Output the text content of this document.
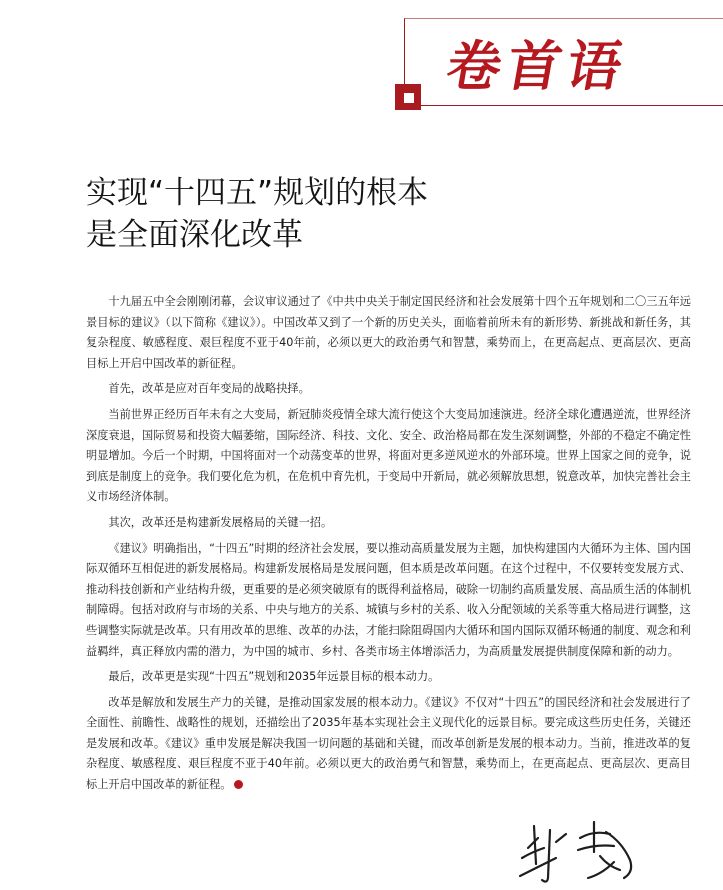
卷首语
实现“十四五”规划的根本
是全面深化改革

十九届五中全会刚刚闭幕，会议审议通过了《中共中央关于制定国民经济和社会发展第十四个五年规划和二〇三五年远景目标的建议》（以下简称《建议》）。中国改革又到了一个新的历史关头，面临着前所未有的新形势、新挑战和新任务，其复杂程度、敏感程度、艰巨程度不亚于40年前，必须以更大的政治勇气和智慧，乘势而上，在更高起点、更高层次、更高目标上开启中国改革的新征程。

首先，改革是应对百年变局的战略抉择。

当前世界正经历百年未有之大变局，新冠肺炎疫情全球大流行使这个大变局加速演进。经济全球化遭遇逆流，世界经济深度衰退，国际贸易和投资大幅萎缩，国际经济、科技、文化、安全、政治格局都在发生深刻调整，外部的不稳定不确定性明显增加。今后一个时期，中国将面对一个动荡变革的世界，将面对更多逆风逆水的外部环境。世界上国家之间的竞争，说到底是制度上的竞争。我们要化危为机，在危机中育先机，于变局中开新局，就必须解放思想，锐意改革，加快完善社会主义市场经济体制。

其次，改革还是构建新发展格局的关键一招。

《建议》明确指出，“十四五”时期的经济社会发展，要以推动高质量发展为主题，加快构建国内大循环为主体、国内国际双循环互相促进的新发展格局。构建新发展格局是发展问题，但本质是改革问题。在这个过程中，不仅要转变发展方式、推动科技创新和产业结构升级，更重要的是必须突破原有的既得利益格局，破除一切制约高质量发展、高品质生活的体制机制障碍。包括对政府与市场的关系、中央与地方的关系、城镇与乡村的关系、收入分配领域的关系等重大格局进行调整，这些调整实际就是改革。只有用改革的思维、改革的办法，才能扫除阻碍国内大循环和国内国际双循环畅通的制度、观念和利益羁绊，真正释放内需的潜力，为中国的城市、乡村、各类市场主体增添活力，为高质量发展提供制度保障和新的动力。

最后，改革更是实现“十四五”规划和2035年远景目标的根本动力。

改革是解放和发展生产力的关键，是推动国家发展的根本动力。《建议》不仅对“十四五”的国民经济和社会发展进行了全面性、前瞻性、战略性的规划，还描绘出了2035年基本实现社会主义现代化的远景目标。要完成这些历史任务，关键还是发展和改革。《建议》重申发展是解决我国一切问题的基础和关键，而改革创新是发展的根本动力。当前，推进改革的复杂程度、敏感程度、艰巨程度不亚于40年前。必须以更大的政治勇气和智慧，乘势而上，在更高起点、更高层次、更高目标上开启中国改革的新征程。
